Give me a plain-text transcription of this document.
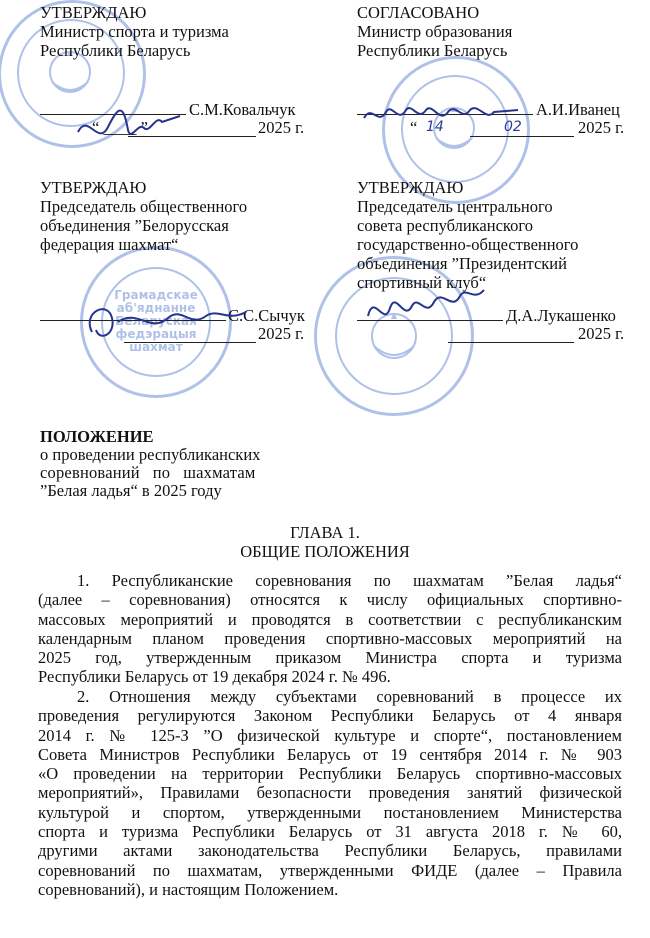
Грамадскае
аб'яднанне
Беларуская
федэрацыя
шахмат
УТВЕРЖДАЮ
Министр спорта и туризма
Республики Беларусь
С.М.Ковальчук
“ ____ ”	2025 г.
СОГЛАСОВАНО
Министр образования
Республики Беларусь
А.И.Иванец
“ 14	02	2025 г.
УТВЕРЖДАЮ
Председатель общественного
объединения ”Белорусская
федерация шахмат“
С.С.Сычук
2025 г.
УТВЕРЖДАЮ
Председатель центрального
совета республиканского
государственно-общественного
объединения ”Президентский
спортивный клуб“
Д.А.Лукашенко
2025 г.
ПОЛОЖЕНИЕ
о проведении республиканских
соревнований   по   шахматам
”Белая ладья“ в 2025 году
ГЛАВА 1.
ОБЩИЕ ПОЛОЖЕНИЯ
1. Республиканские соревнования по шахматам ”Белая ладья“
(далее – соревнования) относятся к числу официальных спортивно-
массовых мероприятий и проводятся в соответствии с республиканским
календарным планом проведения спортивно-массовых мероприятий на
2025 год, утвержденным приказом Министра спорта и туризма
Республики Беларусь от 19 декабря 2024 г. № 496.
2. Отношения между субъектами соревнований в процессе их
проведения регулируются Законом Республики Беларусь от 4 января
2014 г. № 125-З ”О физической культуре и спорте“, постановлением
Совета Министров Республики Беларусь от 19 сентября 2014 г. № 903
«О проведении на территории Республики Беларусь спортивно-массовых
мероприятий», Правилами безопасности проведения занятий физической
культурой и спортом, утвержденными постановлением Министерства
спорта и туризма Республики Беларусь от 31 августа 2018 г. № 60,
другими актами законодательства Республики Беларусь, правилами
соревнований по шахматам, утвержденными ФИДЕ (далее – Правила
соревнований), и настоящим Положением.
